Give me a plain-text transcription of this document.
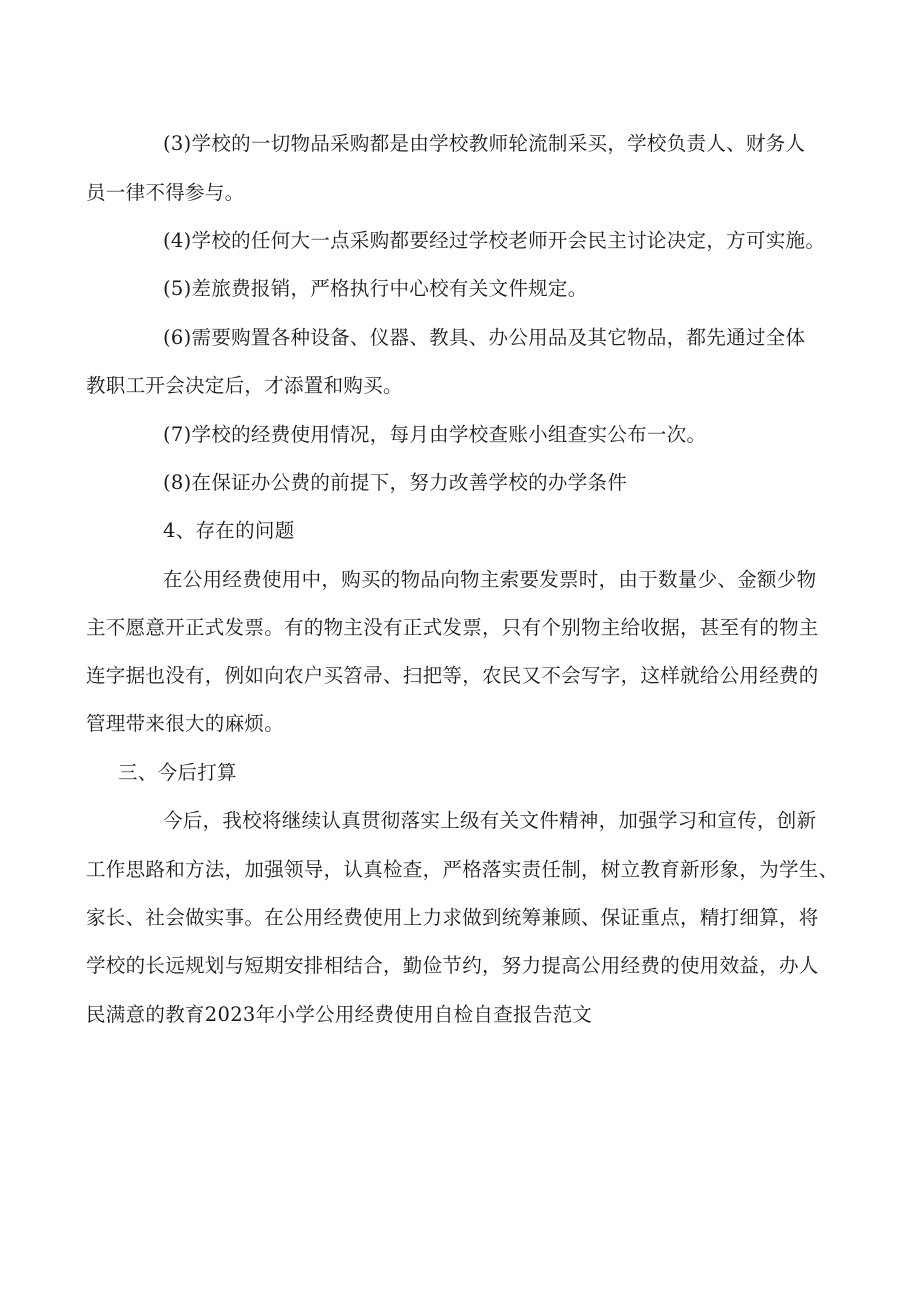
(3)学校的一切物品采购都是由学校教师轮流制采买，学校负责人、财务人
员一律不得参与。
(4)学校的任何大一点采购都要经过学校老师开会民主讨论决定，方可实施。
(5)差旅费报销，严格执行中心校有关文件规定。
(6)需要购置各种设备、仪器、教具、办公用品及其它物品，都先通过全体
教职工开会决定后，才添置和购买。
(7)学校的经费使用情况，每月由学校查账小组查实公布一次。
(8)在保证办公费的前提下，努力改善学校的办学条件
4、存在的问题
在公用经费使用中，购买的物品向物主索要发票时，由于数量少、金额少物
主不愿意开正式发票。有的物主没有正式发票，只有个别物主给收据，甚至有的物主
连字据也没有，例如向农户买笤帚、扫把等，农民又不会写字，这样就给公用经费的
管理带来很大的麻烦。
三、今后打算
今后，我校将继续认真贯彻落实上级有关文件精神，加强学习和宣传，创新
工作思路和方法，加强领导，认真检查，严格落实责任制，树立教育新形象，为学生、
家长、社会做实事。在公用经费使用上力求做到统筹兼顾、保证重点，精打细算，将
学校的长远规划与短期安排相结合，勤俭节约，努力提高公用经费的使用效益，办人
民满意的教育2023年小学公用经费使用自检自查报告范文
